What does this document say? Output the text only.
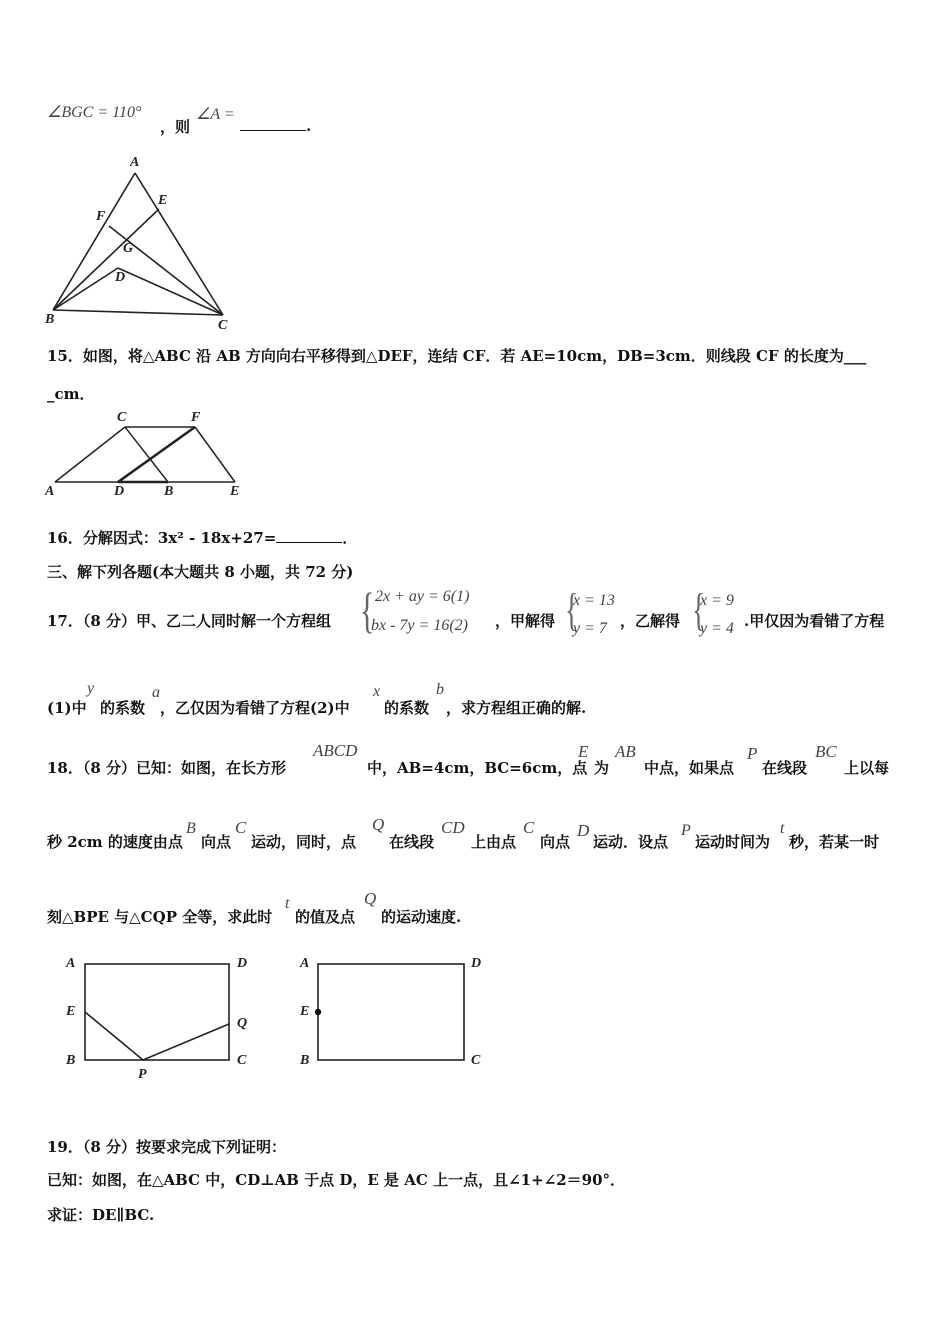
∠BGC = 110°
，则
∠A =
.
A
E
F
G
D
B	C
15．如图，将△ABC 沿 AB 方向向右平移得到△DEF，连结 CF．若 AE=10cm，DB=3cm．则线段 CF 的长度为___
_cm．
C	F
A	D	B	E
16．分解因式：3x² - 18x+27=	．
三、解下列各题(本大题共 8 小题，共 72 分)
17．（8 分）甲、乙二人同时解一个方程组 { 2x + ay = 6(1)
bx - 7y = 16(2) ，甲解得 {
x = 13
y = 7 ，乙解得 {
x = 9
y = 4 .甲仅因为看错了方程
(1)中
y
的系数
a
，乙仅因为看错了方程(2)中
x
的系数
b
，求方程组正确的解.
18．（8 分）已知：如图，在长方形
ABCD
中，AB=4cm，BC=6cm，点
E
为
AB
中点，如果点
P
在线段
BC
上以每
秒 2cm 的速度由点
B
向点
C
运动，同时，点
Q
在线段
CD
上由点
C
向点
D
运动．设点
P
运动时间为
t
秒，若某一时
刻△BPE 与△CQP 全等，求此时
t
的值及点
Q
的运动速度.
A	D
E
Q
B
P
C
A	D
E
B	C
19．（8 分）按要求完成下列证明：
已知：如图，在△ABC 中，CD⊥AB 于点 D，E 是 AC 上一点，且∠1+∠2＝90°．
求证：DE∥BC.
